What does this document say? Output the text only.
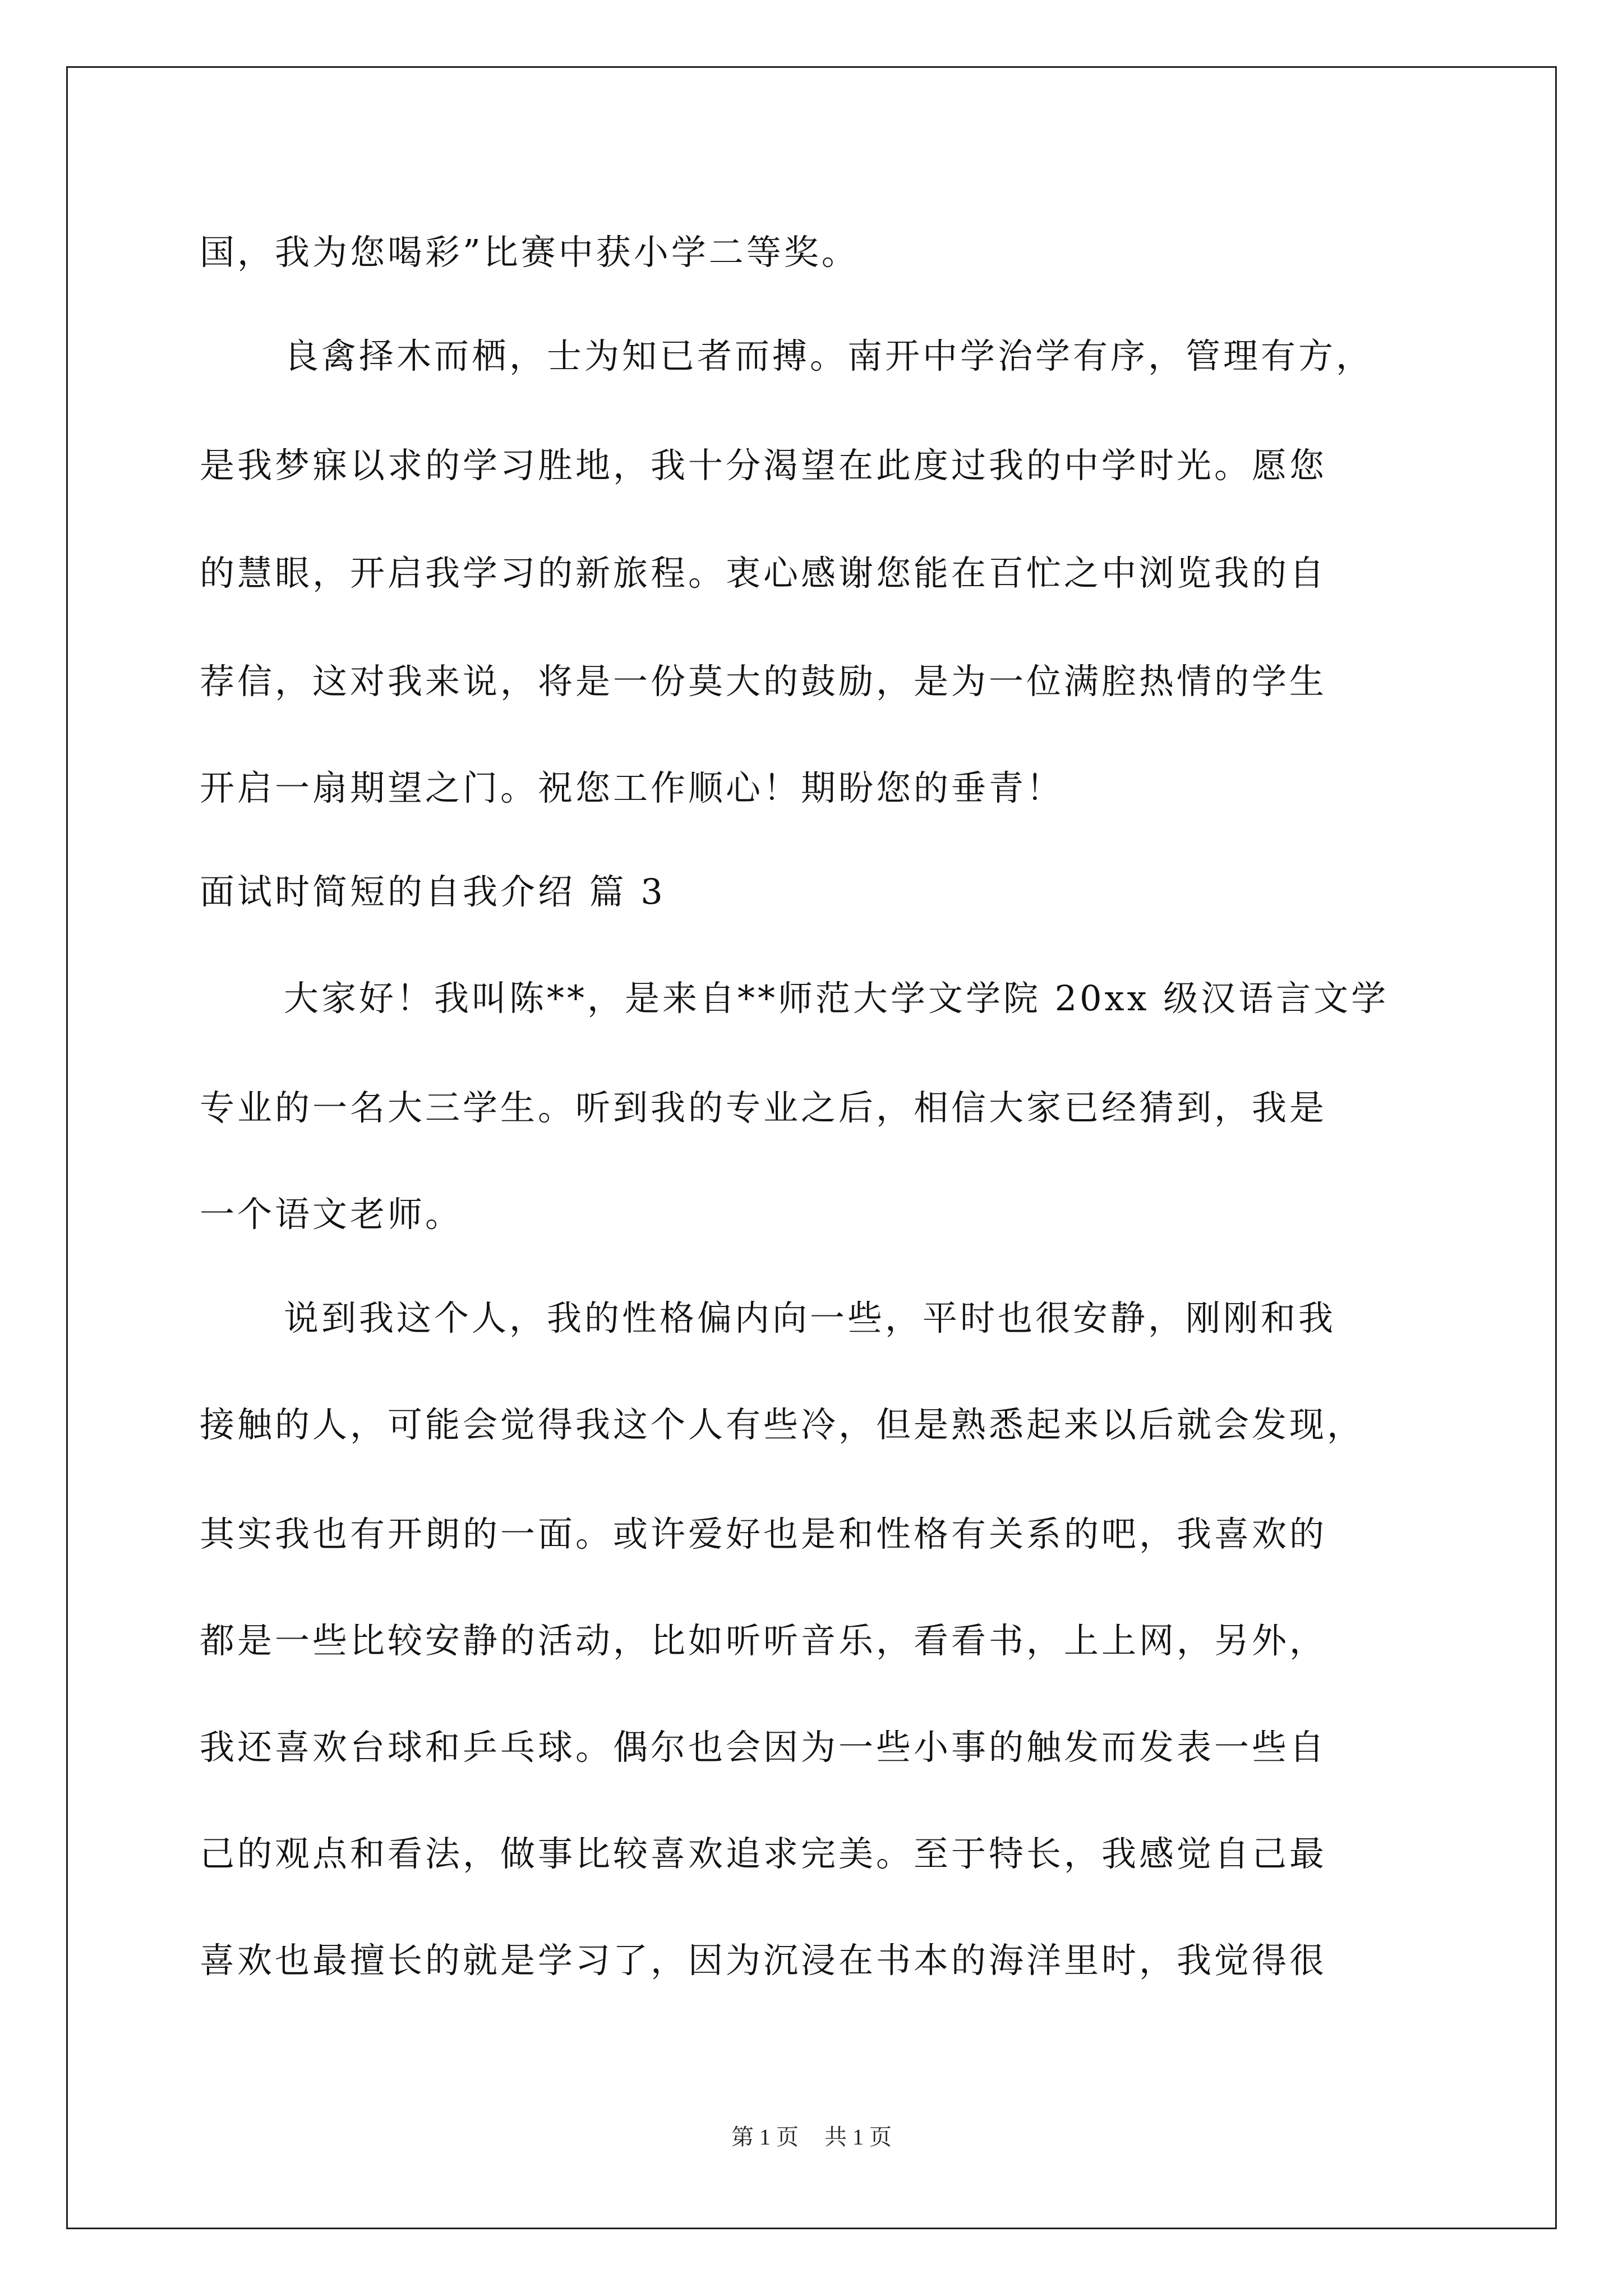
国，我为您喝彩”比赛中获小学二等奖。
良禽择木而栖，士为知已者而搏。南开中学治学有序，管理有方，
是我梦寐以求的学习胜地，我十分渴望在此度过我的中学时光。愿您
的慧眼，开启我学习的新旅程。衷心感谢您能在百忙之中浏览我的自
荐信，这对我来说，将是一份莫大的鼓励，是为一位满腔热情的学生
开启一扇期望之门。祝您工作顺心！期盼您的垂青！
面试时简短的自我介绍 篇 3
大家好！我叫陈**，是来自**师范大学文学院 20xx 级汉语言文学
专业的一名大三学生。听到我的专业之后，相信大家已经猜到，我是
一个语文老师。
说到我这个人，我的性格偏内向一些，平时也很安静，刚刚和我
接触的人，可能会觉得我这个人有些冷，但是熟悉起来以后就会发现，
其实我也有开朗的一面。或许爱好也是和性格有关系的吧，我喜欢的
都是一些比较安静的活动，比如听听音乐，看看书，上上网，另外，
我还喜欢台球和乒乓球。偶尔也会因为一些小事的触发而发表一些自
己的观点和看法，做事比较喜欢追求完美。至于特长，我感觉自己最
喜欢也最擅长的就是学习了，因为沉浸在书本的海洋里时，我觉得很
第 1 页 共 1 页
